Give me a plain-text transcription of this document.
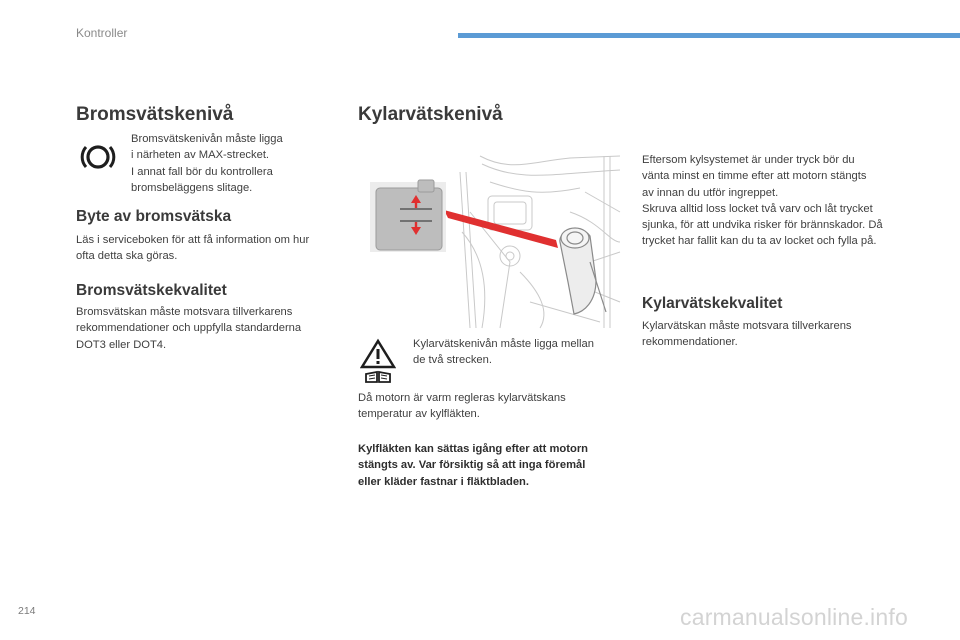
Kontroller
Bromsvätskenivå
Bromsvätskenivån måste ligga
i närheten av MAX-strecket.
I annat fall bör du kontrollera
bromsbeläggens slitage.
Byte av bromsvätska
Läs i serviceboken för att få information om hur
ofta detta ska göras.
Bromsvätskekvalitet
Bromsvätskan måste motsvara tillverkarens
rekommendationer och uppfylla standarderna
DOT3 eller DOT4.
Kylarvätskenivå
Kylarvätskenivån måste ligga mellan
de två strecken.
Då motorn är varm regleras kylarvätskans
temperatur av kylfläkten.
Kylfläkten kan sättas igång efter att motorn
stängts av. Var försiktig så att inga föremål
eller kläder fastnar i fläktbladen.
Eftersom kylsystemet är under tryck bör du
vänta minst en timme efter att motorn stängts
av innan du utför ingreppet.
Skruva alltid loss locket två varv och låt trycket
sjunka, för att undvika risker för brännskador. Då
trycket har fallit kan du ta av locket och fylla på.
Kylarvätskekvalitet
Kylarvätskan måste motsvara tillverkarens
rekommendationer.
214	carmanualsonline.info
